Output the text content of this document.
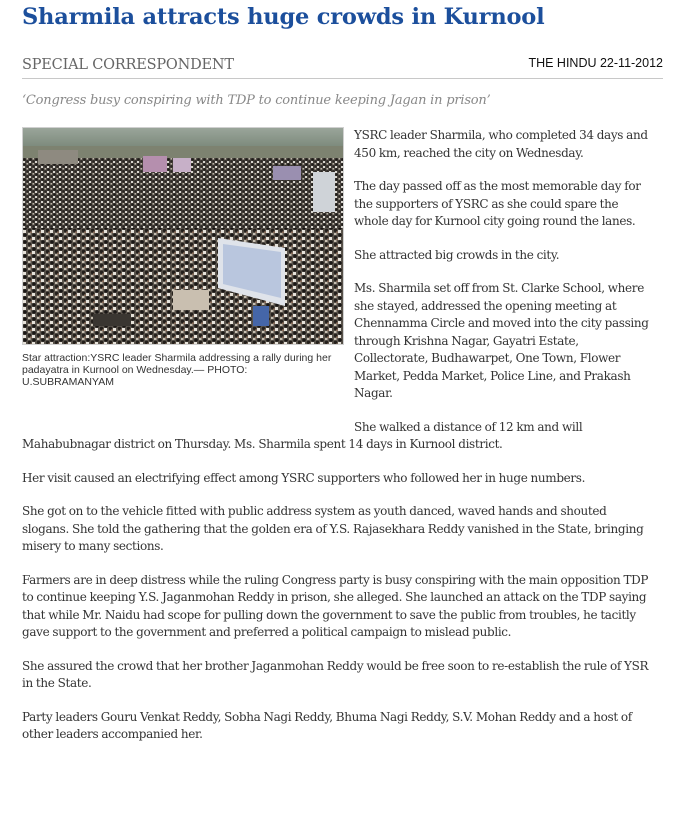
Sharmila attracts huge crowds in Kurnool
SPECIAL CORRESPONDENT	THE HINDU 22-11-2012

‘Congress busy conspiring with TDP to continue keeping Jagan in prison’

Star attraction:YSRC leader Sharmila addressing a rally during her padayatra in Kurnool on Wednesday.— PHOTO: U.SUBRAMANYAM

YSRC leader Sharmila, who completed 34 days and 450 km, reached the city on Wednesday.

The day passed off as the most memorable day for the supporters of YSRC as she could spare the whole day for Kurnool city going round the lanes.

She attracted big crowds in the city.

Ms. Sharmila set off from St. Clarke School, where she stayed, addressed the opening meeting at Chennamma Circle and moved into the city passing through Krishna Nagar, Gayatri Estate, Collectorate, Budhawarpet, One Town, Flower Market, Pedda Market, Police Line, and Prakash Nagar.

She walked a distance of 12 km and will Mahabubnagar district on Thursday. Ms. Sharmila spent 14 days in Kurnool district.

Her visit caused an electrifying effect among YSRC supporters who followed her in huge numbers.

She got on to the vehicle fitted with public address system as youth danced, waved hands and shouted slogans. She told the gathering that the golden era of Y.S. Rajasekhara Reddy vanished in the State, bringing misery to many sections.

Farmers are in deep distress while the ruling Congress party is busy conspiring with the main opposition TDP to continue keeping Y.S. Jaganmohan Reddy in prison, she alleged. She launched an attack on the TDP saying that while Mr. Naidu had scope for pulling down the government to save the public from troubles, he tacitly gave support to the government and preferred a political campaign to mislead public.

She assured the crowd that her brother Jaganmohan Reddy would be free soon to re-establish the rule of YSR in the State.

Party leaders Gouru Venkat Reddy, Sobha Nagi Reddy, Bhuma Nagi Reddy, S.V. Mohan Reddy and a host of other leaders accompanied her.
